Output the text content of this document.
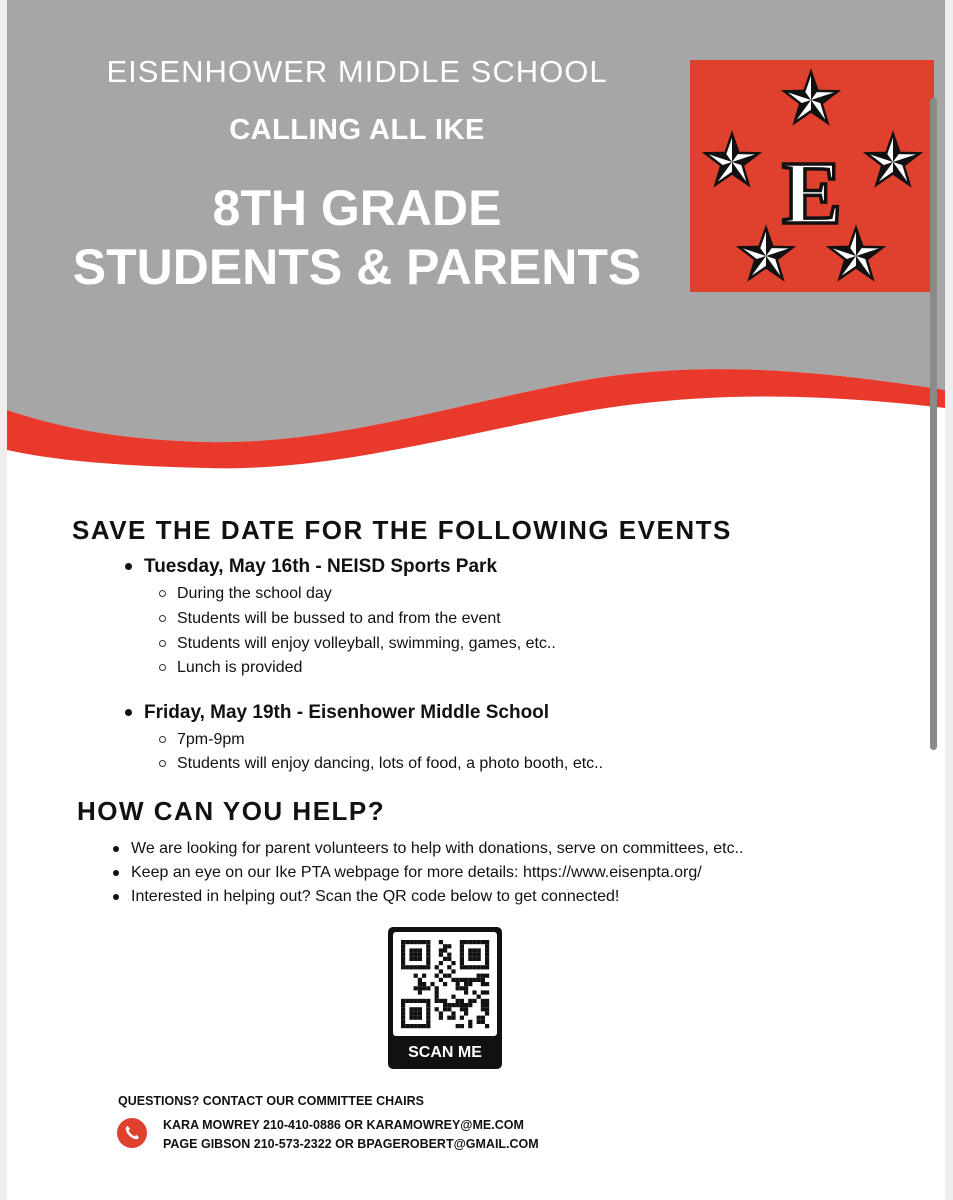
EISENHOWER MIDDLE SCHOOL
CALLING ALL IKE
8TH GRADE
STUDENTS & PARENTS
E
SAVE THE DATE FOR THE FOLLOWING EVENTS
Tuesday, May 16th - NEISD Sports Park
During the school day
Students will be bussed to and from the event
Students will enjoy volleyball, swimming, games, etc..
Lunch is provided
Friday, May 19th - Eisenhower Middle School
7pm-9pm
Students will enjoy dancing, lots of food, a photo booth, etc..
HOW CAN YOU HELP?
We are looking for parent volunteers to help with donations, serve on committees, etc..
Keep an eye on our Ike PTA webpage for more details: https://www.eisenpta.org/
Interested in helping out? Scan the QR code below to get connected!
SCAN ME
QUESTIONS? CONTACT OUR COMMITTEE CHAIRS
KARA MOWREY 210-410-0886 OR KARAMOWREY@ME.COM
PAGE GIBSON 210-573-2322 OR BPAGEROBERT@GMAIL.COM
